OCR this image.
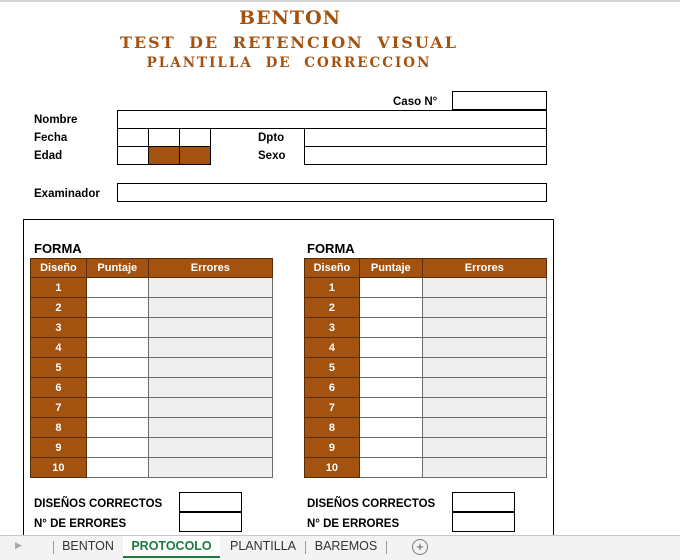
BENTON
TEST DE RETENCION VISUAL
PLANTILLA DE CORRECCION
Caso N°
Nombre
Fecha
Edad
Dpto
Sexo
Examinador
FORMA
Diseño	Puntaje	Errores
1		
2		
3		
4		
5		
6		
7		
8		
9		
10		
FORMA
Diseño	Puntaje	Errores
1		
2		
3		
4		
5		
6		
7		
8		
9		
10		
DISEÑOS CORRECTOS
N° DE ERRORES
DISEÑOS CORRECTOS
N° DE ERRORES
▶	BENTON	PROTOCOLO	PLANTILLA	BAREMOS	+
